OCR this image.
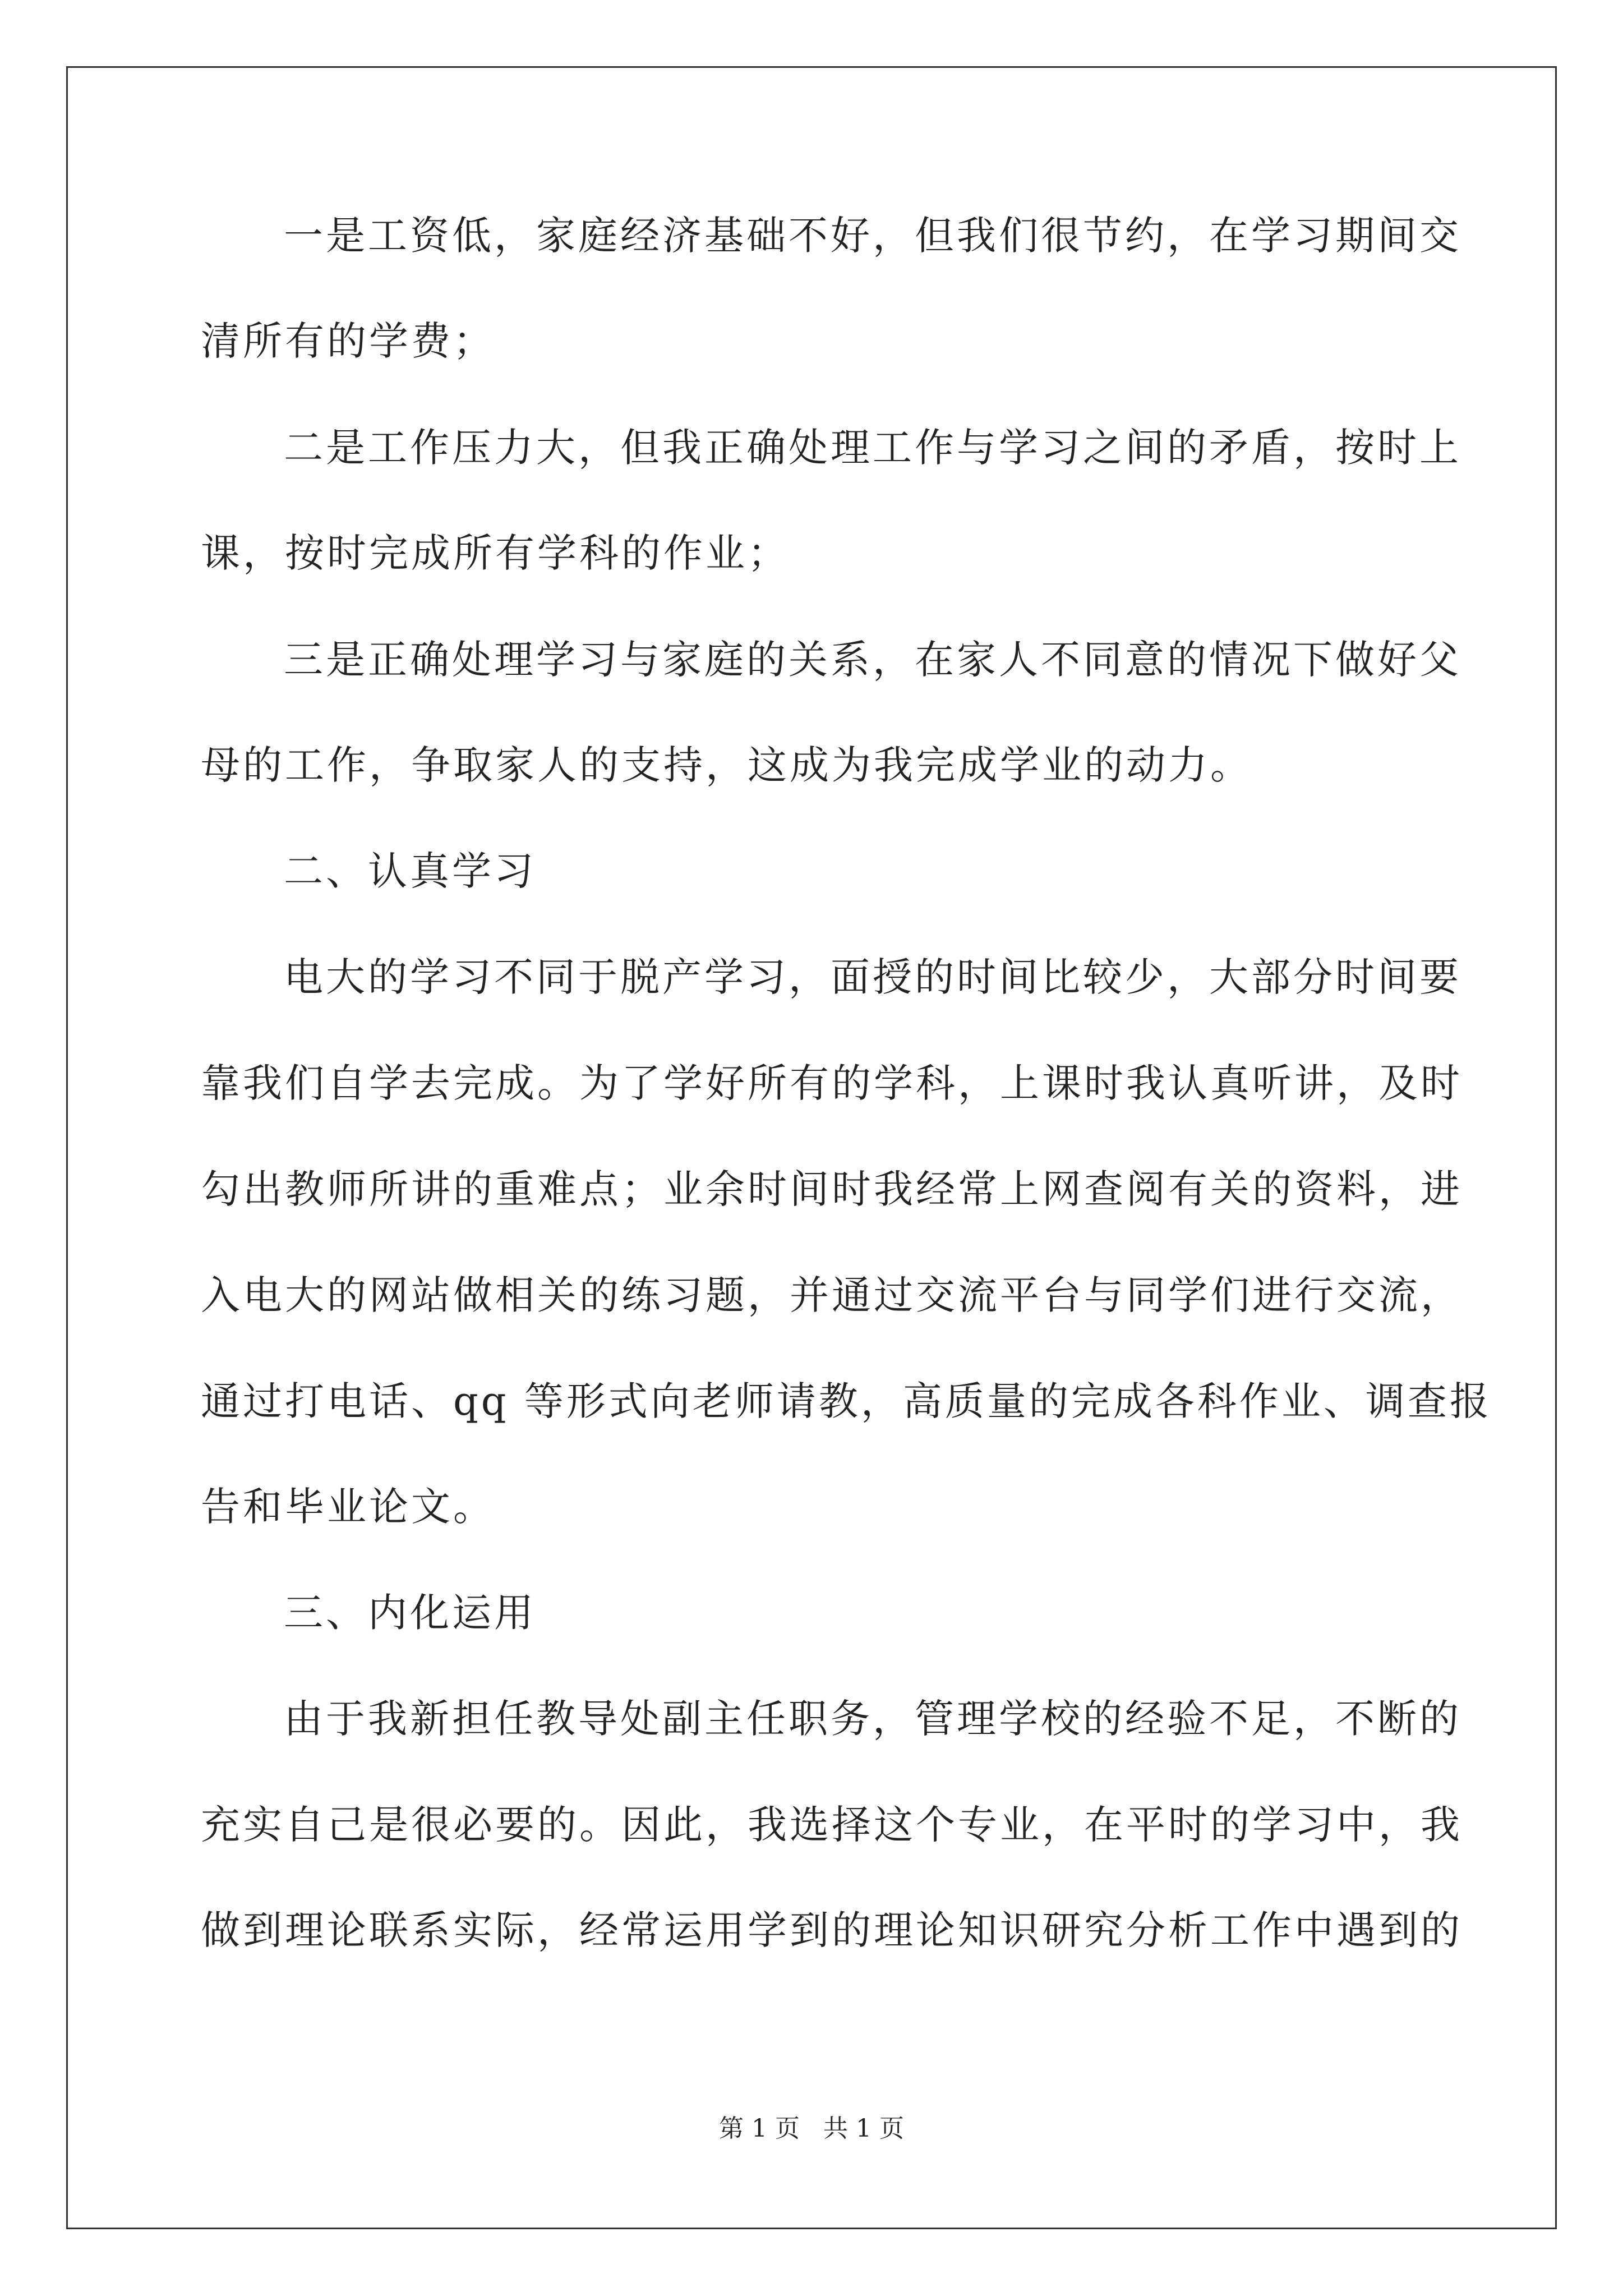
一是工资低，家庭经济基础不好，但我们很节约，在学习期间交
清所有的学费；
二是工作压力大，但我正确处理工作与学习之间的矛盾，按时上
课，按时完成所有学科的作业；
三是正确处理学习与家庭的关系，在家人不同意的情况下做好父
母的工作，争取家人的支持，这成为我完成学业的动力。
二、认真学习
电大的学习不同于脱产学习，面授的时间比较少，大部分时间要
靠我们自学去完成。为了学好所有的学科，上课时我认真听讲，及时
勾出教师所讲的重难点；业余时间时我经常上网查阅有关的资料，进
入电大的网站做相关的练习题，并通过交流平台与同学们进行交流，
通过打电话、qq 等形式向老师请教，高质量的完成各科作业、调查报
告和毕业论文。
三、内化运用
由于我新担任教导处副主任职务，管理学校的经验不足，不断的
充实自己是很必要的。因此，我选择这个专业，在平时的学习中，我
做到理论联系实际，经常运用学到的理论知识研究分析工作中遇到的
第 1 页   共 1 页
